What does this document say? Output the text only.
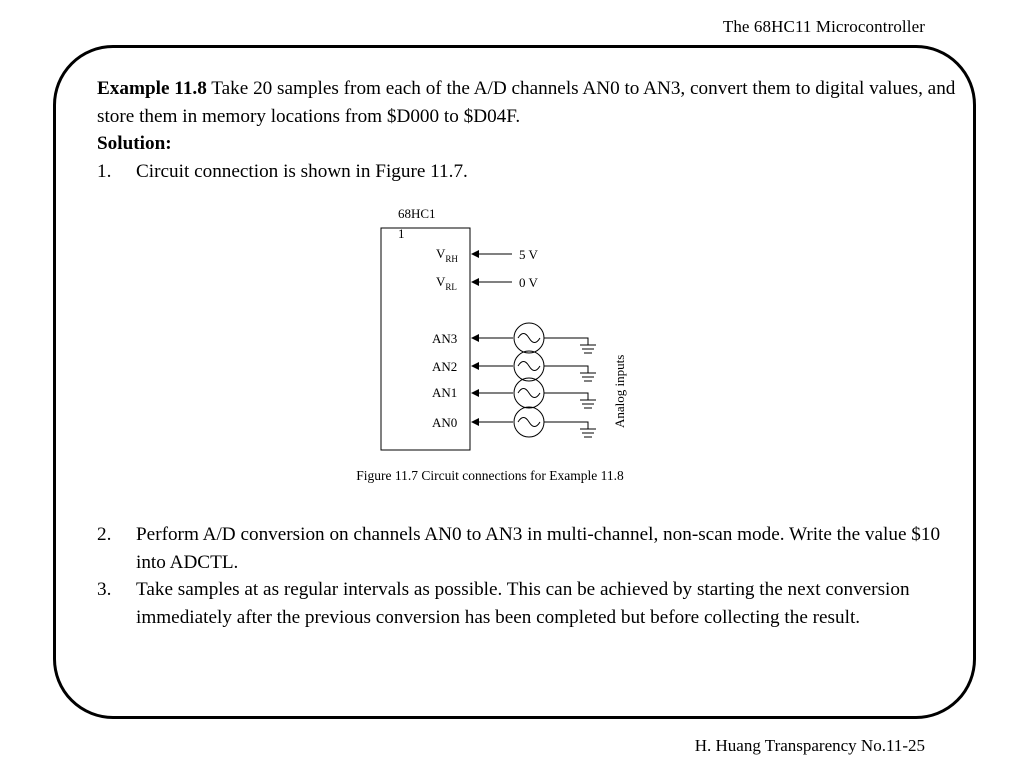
The 68HC11 Microcontroller

Example 11.8 Take 20 samples from each of the A/D channels AN0 to AN3, convert them to digital values, and store them in memory locations from $D000 to $D04F.

Solution:

1. Circuit connection is shown in Figure 11.7.

68HC1
1
$V_{RH}$	5 V
$V_{RL}$	0 V
AN3
AN2
AN1
AN0	Analog inputs
Figure 11.7 Circuit connections for Example 11.8

2. Perform A/D conversion on channels AN0 to AN3 in multi-channel, non-scan mode. Write the value $10 into ADCTL.

3. Take samples at as regular intervals as possible. This can be achieved by starting the next conversion immediately after the previous conversion has been completed but before collecting the result.

H. Huang Transparency No.11-25
